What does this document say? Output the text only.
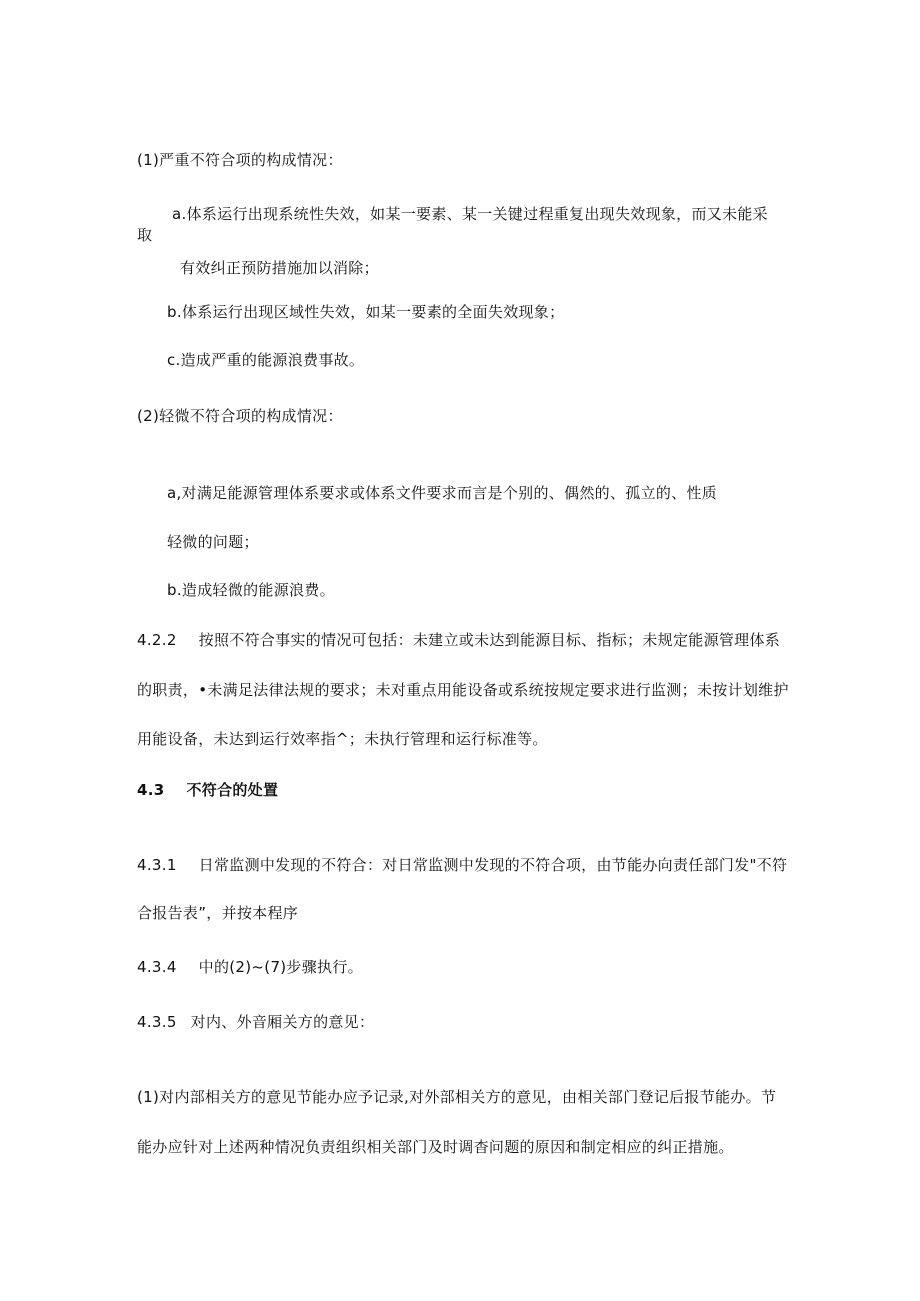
(1)严重不符合项的构成情况：
a.体系运行出现系统性失效，如某一要素、某一关键过程重复出现失效现象，而又未能采
取
有效纠正预防措施加以消除；
b.体系运行出现区域性失效，如某一要素的全面失效现象；
c.造成严重的能源浪费事故。
(2)轻微不符合项的构成情况：
a,对满足能源管理体系要求或体系文件要求而言是个别的、偶然的、孤立的、性质
轻微的问题；
b.造成轻微的能源浪费。
4.2.2 按照不符合事实的情况可包括：未建立或未达到能源目标、指标；未规定能源管理体系
的职责，•未满足法律法规的要求；未对重点用能设备或系统按规定要求进行监测；未按计划维护
用能设备，未达到运行效率指^；未执行管理和运行标准等。
4.3 不符合的处置
4.3.1 日常监测中发现的不符合：对日常监测中发现的不符合项，由节能办向责任部门发"不符
合报告表”，并按本程序
4.3.4 中的(2)~(7)步骤执行。
4.3.5 对内、外音厢关方的意见：
(1)对内部相关方的意见节能办应予记录,对外部相关方的意见，由相关部门登记后报节能办。节
能办应针对上述两种情况负责组织相关部门及时调杳问题的原因和制定相应的纠正措施。
